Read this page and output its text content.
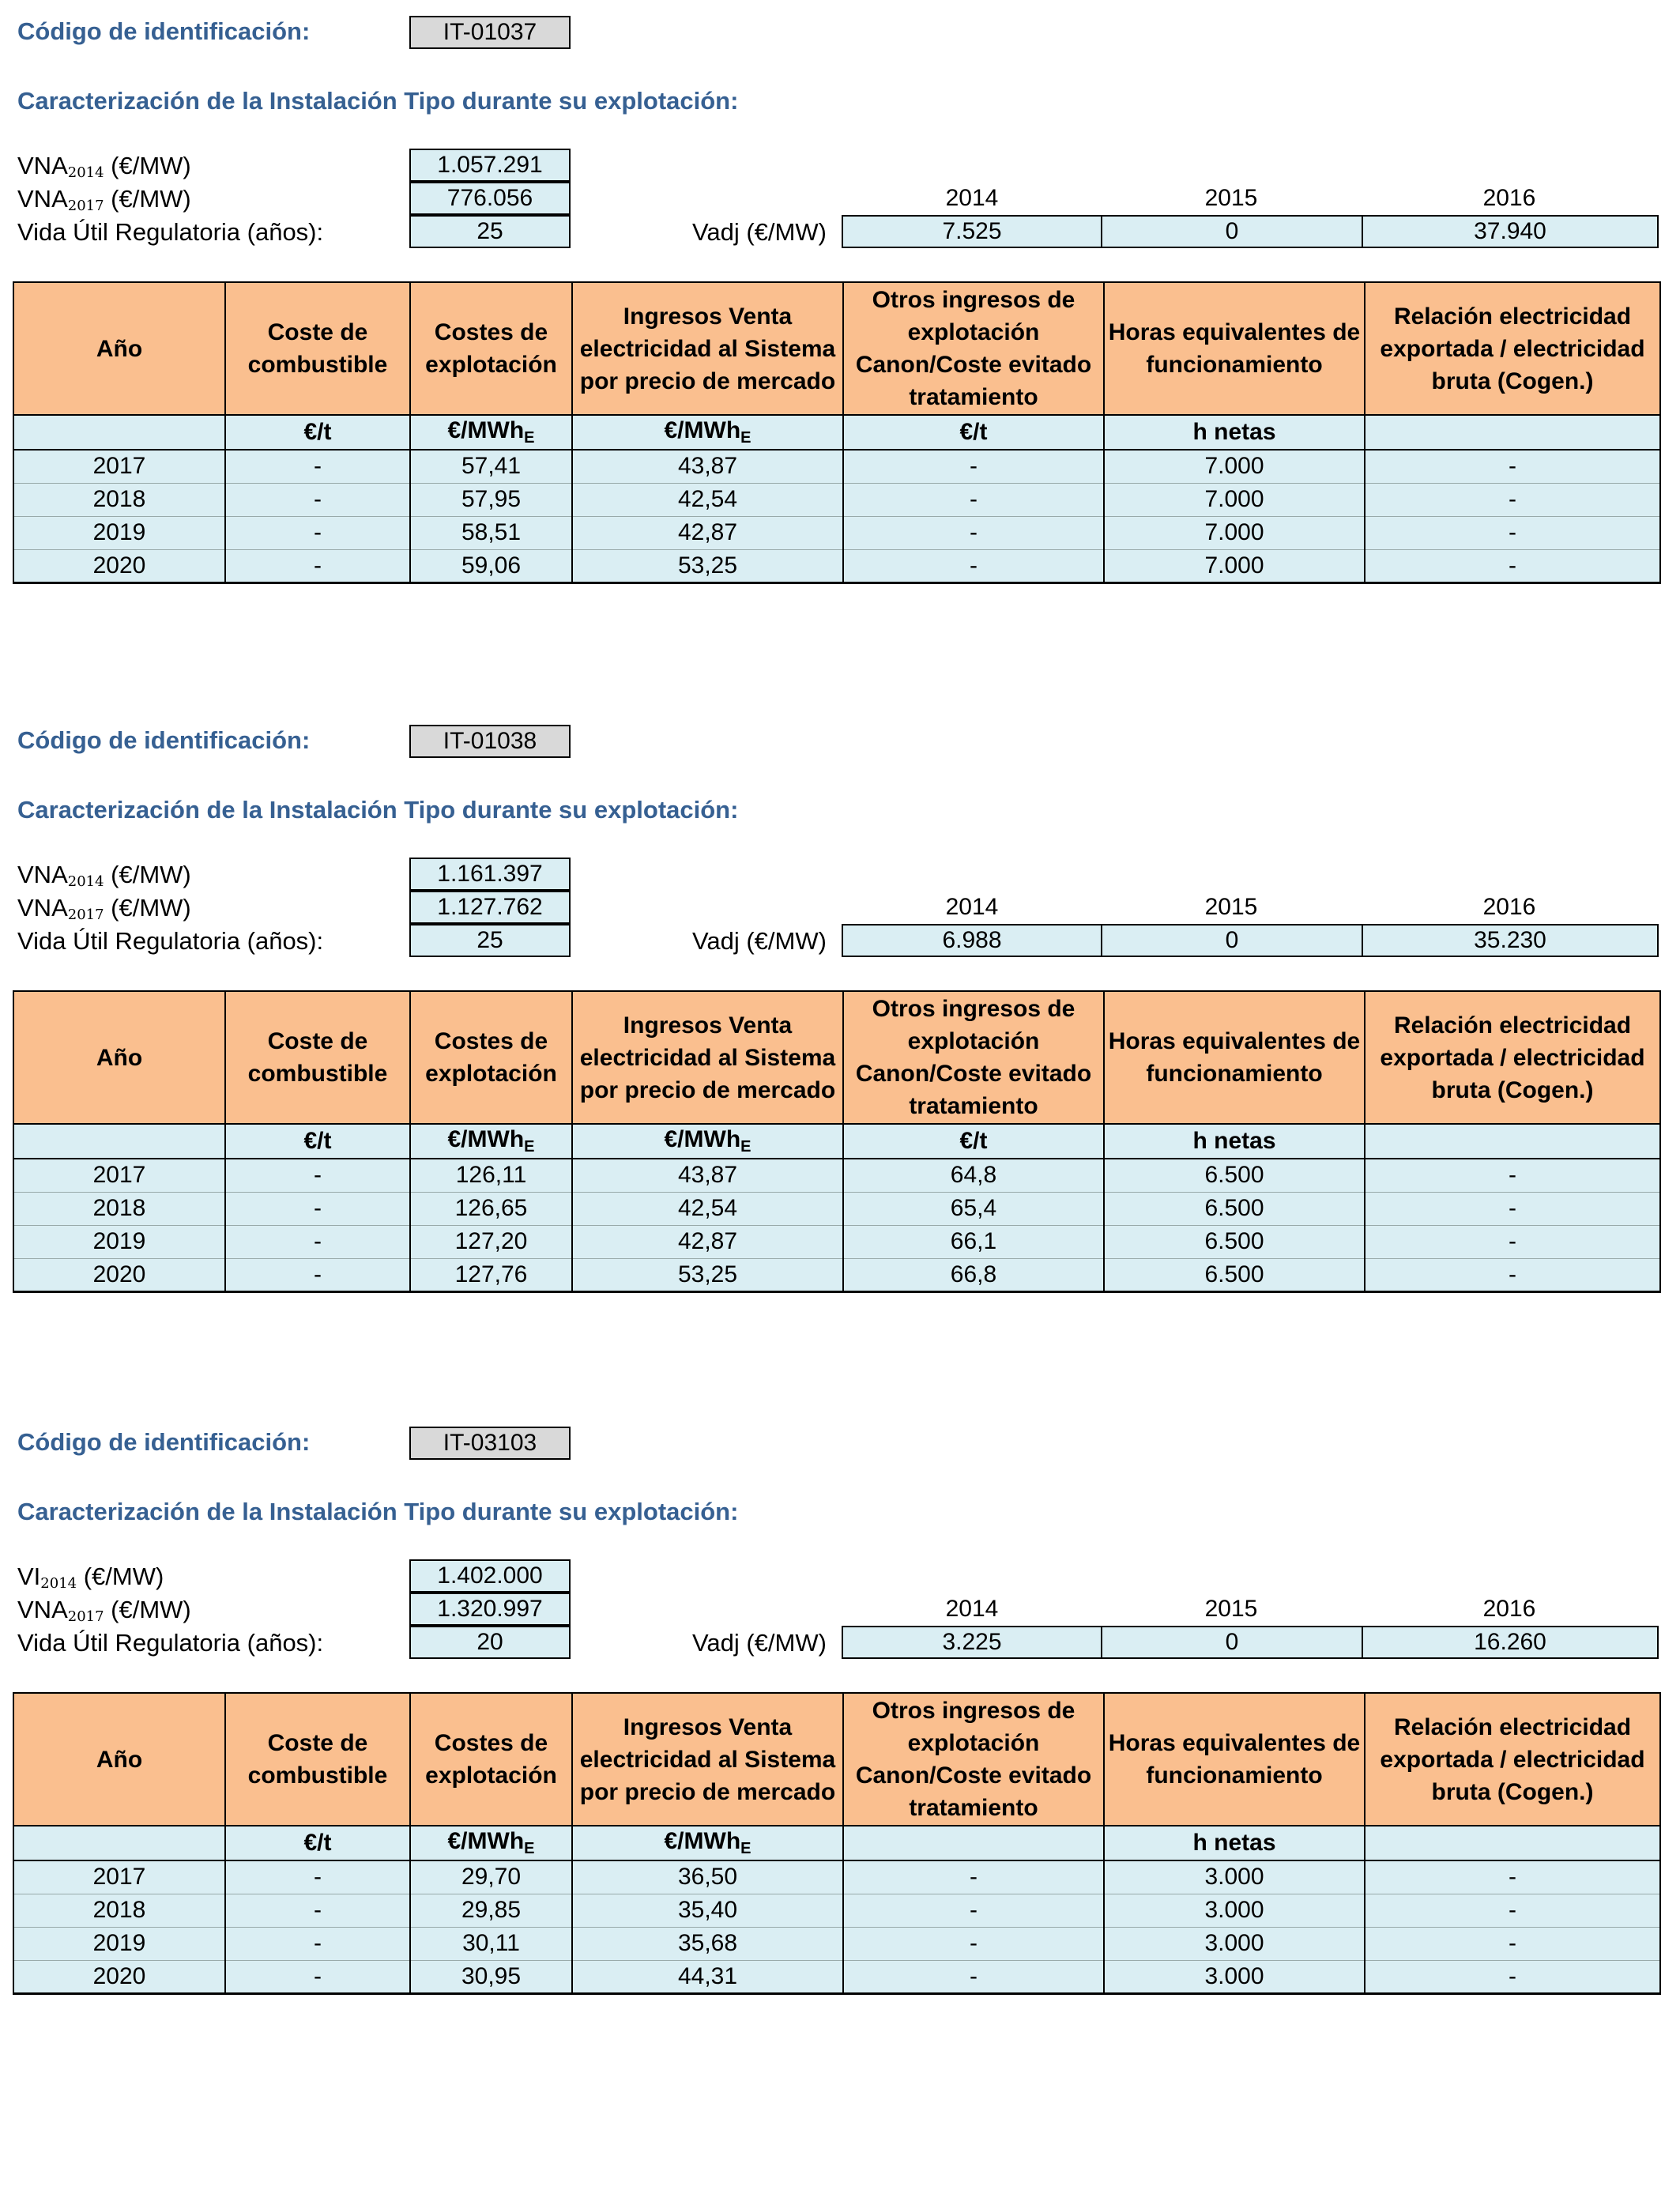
Código de identificación:	IT-01037
Caracterización de la Instalación Tipo durante su explotación:
$VNA_{2014}$ (€/MW)	1.057.291
$VNA_{2017}$ (€/MW)	776.056
Vida Útil Regulatoria (años):	25
2014	2015	2016
Vadj (€/MW)	7.525	0	37.940
Año	Coste de combustible	Costes de explotación	Ingresos Venta electricidad al Sistema por precio de mercado	Otros ingresos de explotación Canon/Coste evitado tratamiento	Horas equivalentes de funcionamiento	Relación electricidad exportada / electricidad bruta (Cogen.)
	€/t	€/MWh$_E$	€/MWh$_E$	€/t	h netas	
2017	-	57,41	43,87	-	7.000	-
2018	-	57,95	42,54	-	7.000	-
2019	-	58,51	42,87	-	7.000	-
2020	-	59,06	53,25	-	7.000	-
Código de identificación:	IT-01038
Caracterización de la Instalación Tipo durante su explotación:
$VNA_{2014}$ (€/MW)	1.161.397
$VNA_{2017}$ (€/MW)	1.127.762
Vida Útil Regulatoria (años):	25
2014	2015	2016
Vadj (€/MW)	6.988	0	35.230
Año	Coste de combustible	Costes de explotación	Ingresos Venta electricidad al Sistema por precio de mercado	Otros ingresos de explotación Canon/Coste evitado tratamiento	Horas equivalentes de funcionamiento	Relación electricidad exportada / electricidad bruta (Cogen.)
	€/t	€/MWh$_E$	€/MWh$_E$	€/t	h netas	
2017	-	126,11	43,87	64,8	6.500	-
2018	-	126,65	42,54	65,4	6.500	-
2019	-	127,20	42,87	66,1	6.500	-
2020	-	127,76	53,25	66,8	6.500	-
Código de identificación:	IT-03103
Caracterización de la Instalación Tipo durante su explotación:
$VI_{2014}$ (€/MW)	1.402.000
$VNA_{2017}$ (€/MW)	1.320.997
Vida Útil Regulatoria (años):	20
2014	2015	2016
Vadj (€/MW)	3.225	0	16.260
Año	Coste de combustible	Costes de explotación	Ingresos Venta electricidad al Sistema por precio de mercado	Otros ingresos de explotación Canon/Coste evitado tratamiento	Horas equivalentes de funcionamiento	Relación electricidad exportada / electricidad bruta (Cogen.)
	€/t	€/MWh$_E$	€/MWh$_E$		h netas	
2017	-	29,70	36,50	-	3.000	-
2018	-	29,85	35,40	-	3.000	-
2019	-	30,11	35,68	-	3.000	-
2020	-	30,95	44,31	-	3.000	-
